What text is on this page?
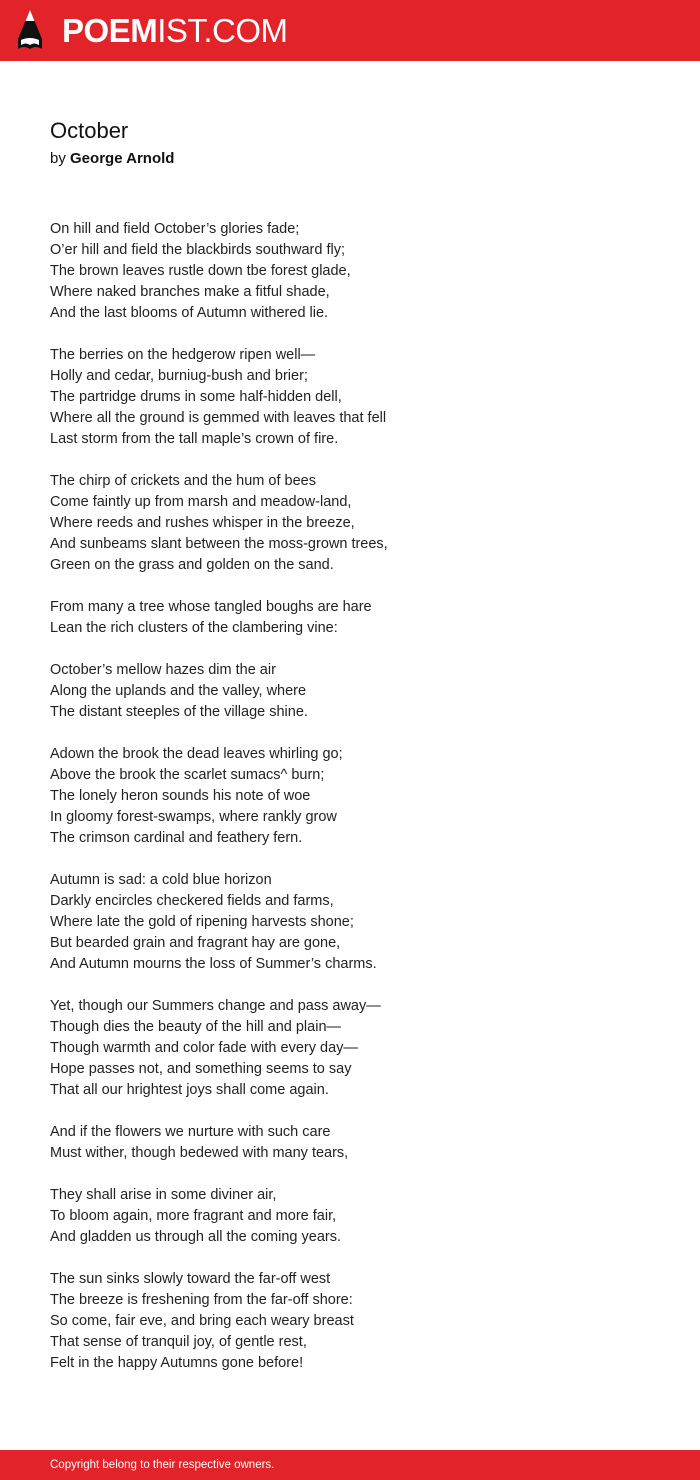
POEMIST.COM
October
by George Arnold
On hill and field October’s glories fade;
O’er hill and field the blackbirds southward fly;
The brown leaves rustle down tbe forest glade,
Where naked branches make a fitful shade,
And the last blooms of Autumn withered lie.
The berries on the hedgerow ripen well—
Holly and cedar, burniug-bush and brier;
The partridge drums in some half-hidden dell,
Where all the ground is gemmed with leaves that fell
Last storm from the tall maple’s crown of fire.
The chirp of crickets and the hum of bees
Come faintly up from marsh and meadow-land,
Where reeds and rushes whisper in the breeze,
And sunbeams slant between the moss-grown trees,
Green on the grass and golden on the sand.
From many a tree whose tangled boughs are hare
Lean the rich clusters of the clambering vine:
October’s mellow hazes dim the air
Along the uplands and the valley, where
The distant steeples of the village shine.
Adown the brook the dead leaves whirling go;
Above the brook the scarlet sumacs^ burn;
The lonely heron sounds his note of woe
In gloomy forest-swamps, where rankly grow
The crimson cardinal and feathery fern.
Autumn is sad: a cold blue horizon
Darkly encircles checkered fields and farms,
Where late the gold of ripening harvests shone;
But bearded grain and fragrant hay are gone,
And Autumn mourns the loss of Summer’s charms.
Yet, though our Summers change and pass away—
Though dies the beauty of the hill and plain—
Though warmth and color fade with every day—
Hope passes not, and something seems to say
That all our hrightest joys shall come again.
And if the flowers we nurture with such care
Must wither, though bedewed with many tears,
They shall arise in some diviner air,
To bloom again, more fragrant and more fair,
And gladden us through all the coming years.
The sun sinks slowly toward the far-off west
The breeze is freshening from the far-off shore:
So come, fair eve, and bring each weary breast
That sense of tranquil joy, of gentle rest,
Felt in the happy Autumns gone before!
Copyright belong to their respective owners.
